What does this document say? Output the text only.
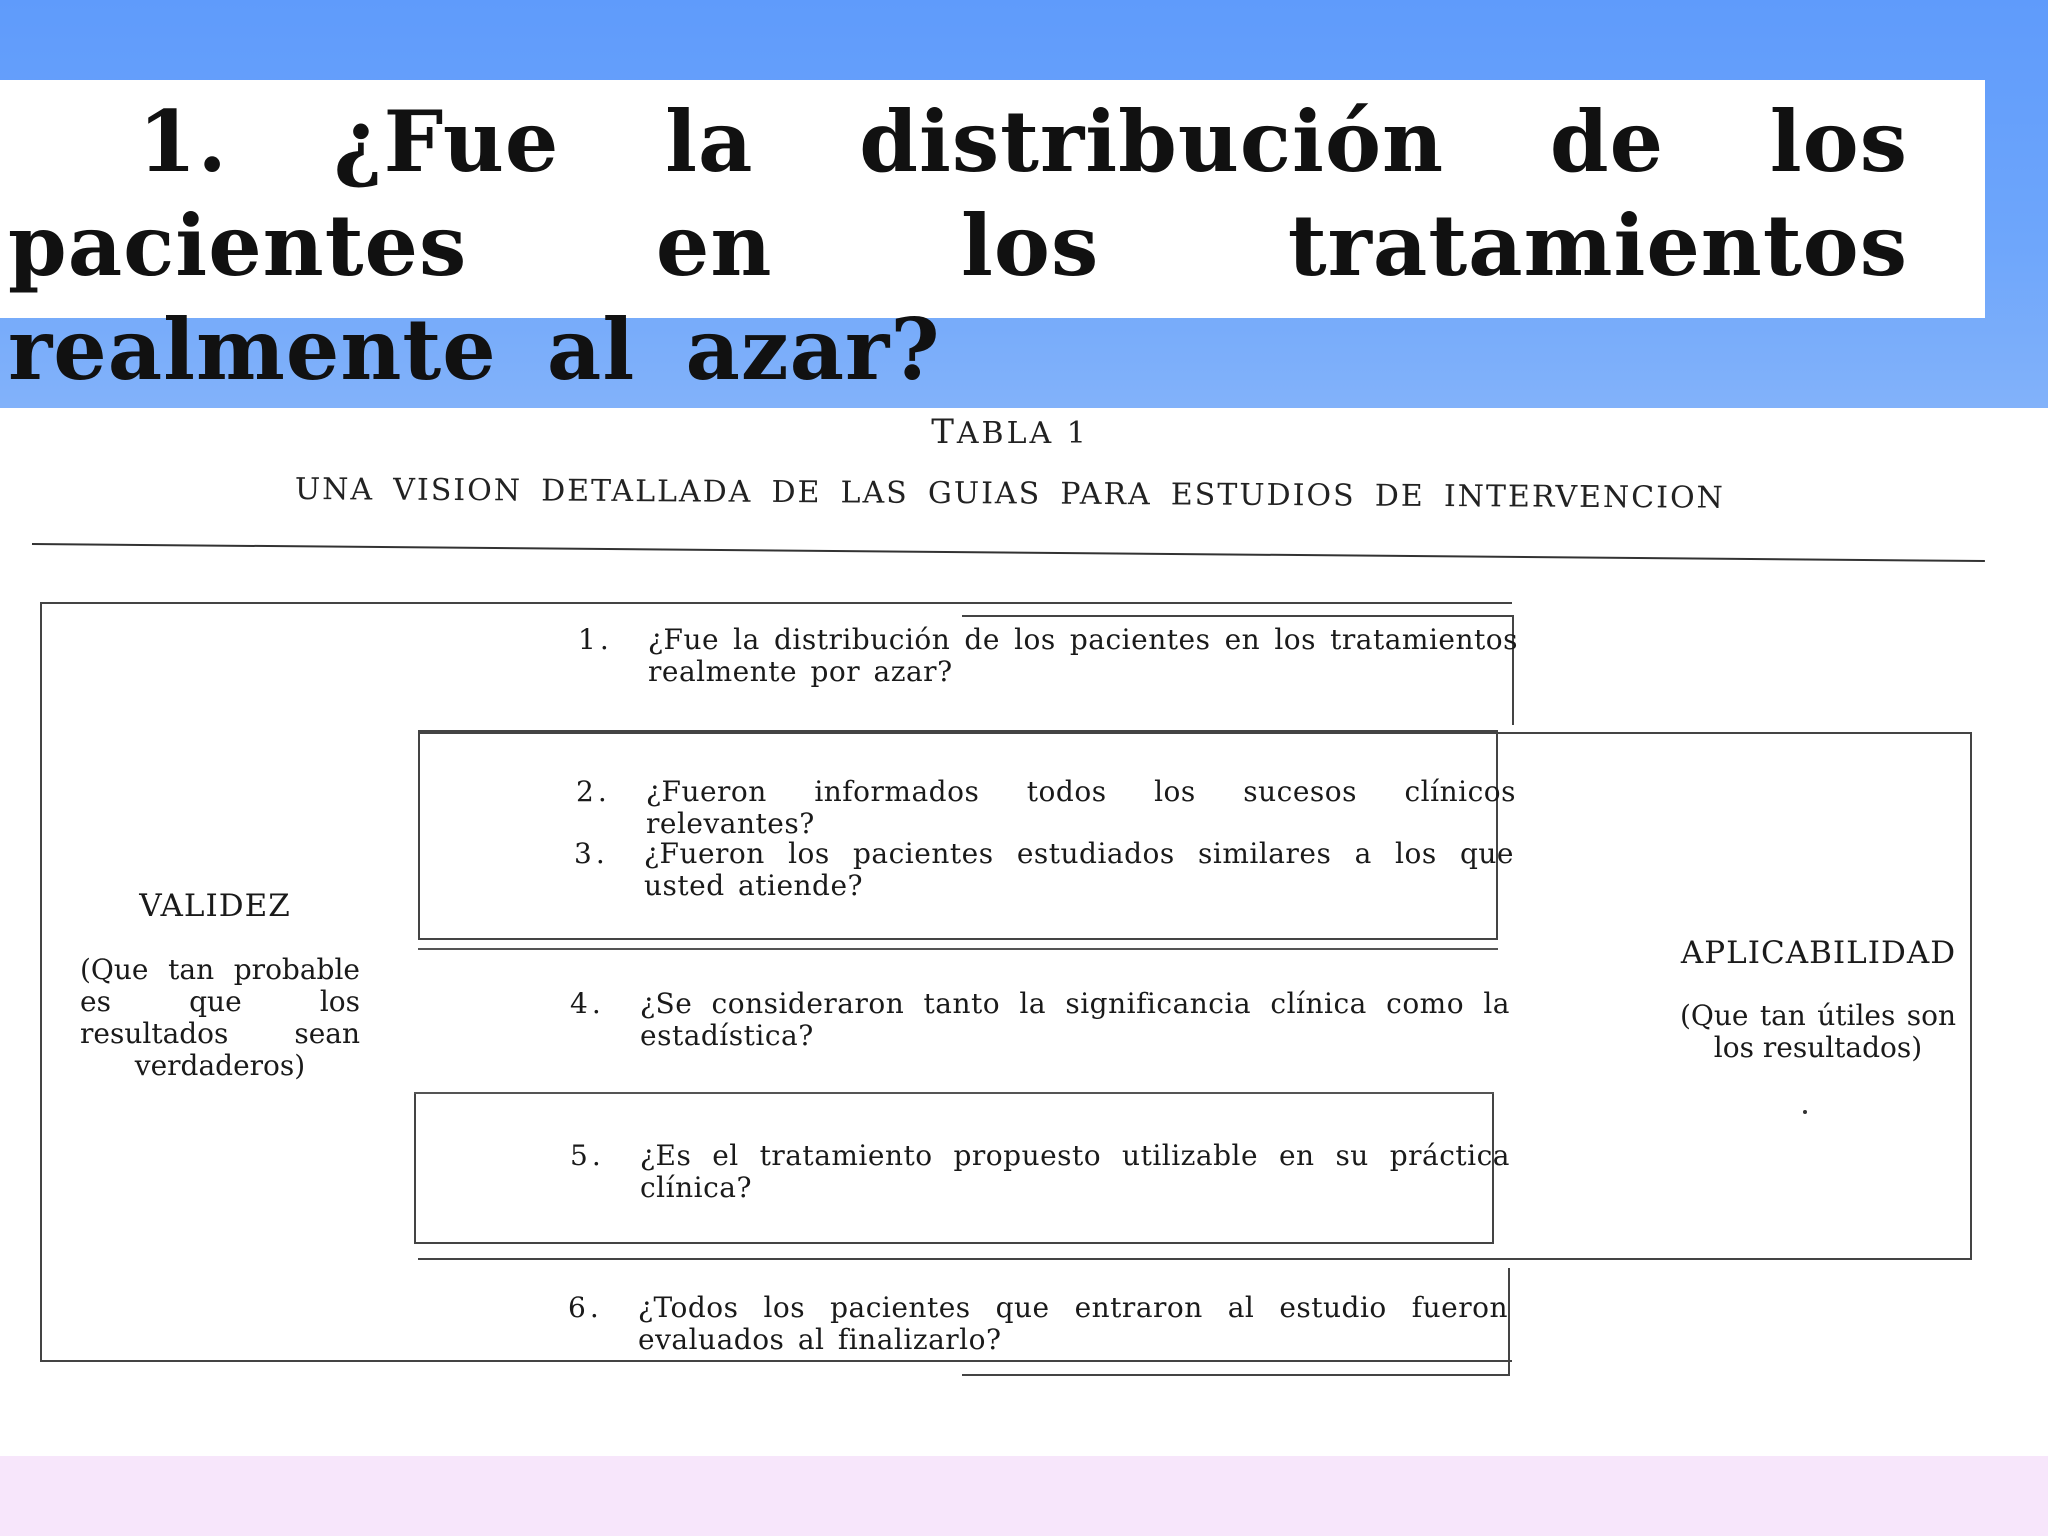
1. ¿Fue la distribución de los pacientes en los tratamientos realmente al azar?
TABLA 1
UNA VISION DETALLADA DE LAS GUIAS PARA ESTUDIOS DE INTERVENCION
VALIDEZ
(Que tan probable es que los resultados sean verdaderos)
APLICABILIDAD
(Que tan útiles son los resultados)
1.	¿Fue la distribución de los pacientes en los tratamientos realmente por azar?
2.	¿Fueron informados todos los sucesos clínicos relevantes?
3.	¿Fueron los pacientes estudiados similares a los que usted atiende?
4.	¿Se consideraron tanto la significancia clínica como la estadística?
5.	¿Es el tratamiento propuesto utilizable en su práctica clínica?
6.	¿Todos los pacientes que entraron al estudio fueron evaluados al finalizarlo?
